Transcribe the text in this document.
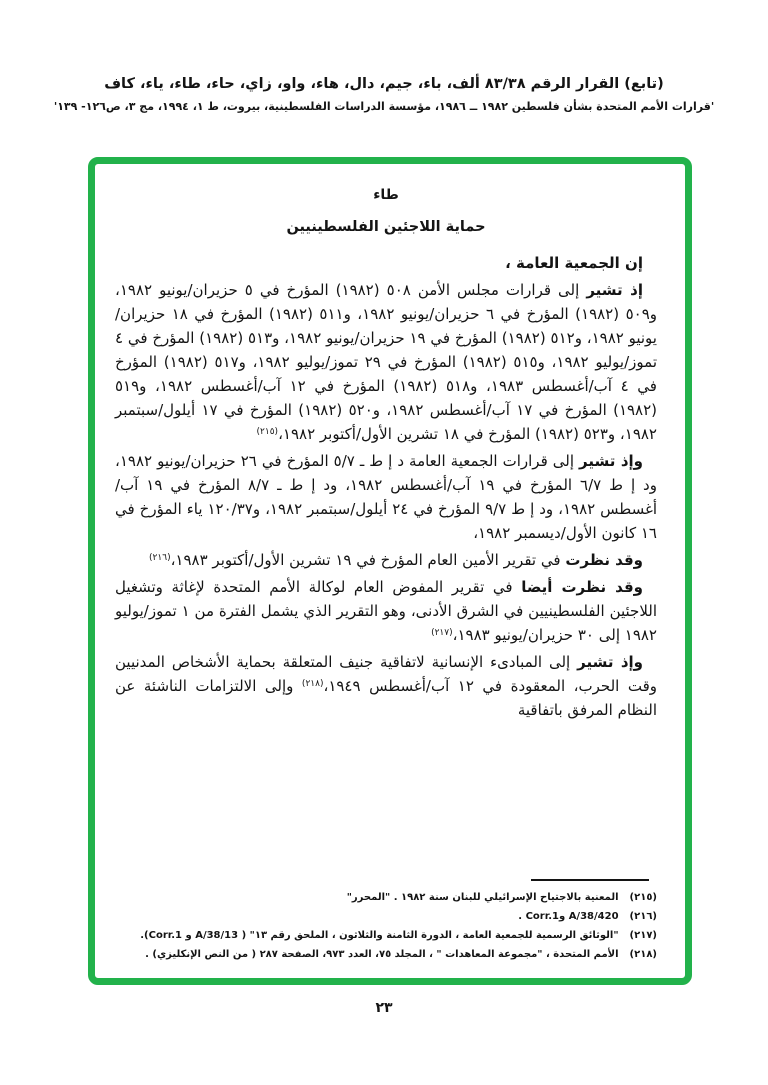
(تابع) القرار الرقم ٨٣/٣٨ ألف، باء، جيم، دال، هاء، واو، زاي، حاء، طاء، ياء، كاف
'قرارات الأمم المتحدة بشأن فلسطين ١٩٨٢ ــ ١٩٨٦، مؤسسة الدراسات الفلسطينية، بيروت، ط ١، ١٩٩٤، مج ٣، ص١٢٦- ١٣٩'
طاء
حماية اللاجئين الفلسطينيين

إن الجمعية العامة ،

إذ تشير إلى قرارات مجلس الأمن ٥٠٨ (١٩٨٢) المؤرخ في ٥ حزيران/يونيو ١٩٨٢، و٥٠٩ (١٩٨٢) المؤرخ في ٦ حزيران/يونيو ١٩٨٢، و٥١١ (١٩٨٢) المؤرخ في ١٨ حزيران/يونيو ١٩٨٢، و٥١٢ (١٩٨٢) المؤرخ في ١٩ حزيران/يونيو ١٩٨٢، و٥١٣ (١٩٨٢) المؤرخ في ٤ تموز/يوليو ١٩٨٢، و٥١٥ (١٩٨٢) المؤرخ في ٢٩ تموز/يوليو ١٩٨٢، و٥١٧ (١٩٨٢) المؤرخ في ٤ آب/أغسطس ١٩٨٣، و٥١٨ (١٩٨٢) المؤرخ في ١٢ آب/أغسطس ١٩٨٢، و٥١٩ (١٩٨٢) المؤرخ في ١٧ آب/أغسطس ١٩٨٢، و٥٢٠ (١٩٨٢) المؤرخ في ١٧ أيلول/سبتمبر ١٩٨٢، و٥٢٣ (١٩٨٢) المؤرخ في ١٨ تشرين الأول/أكتوبر ١٩٨٢،$^{(٢١٥)}$

وإذ تشير إلى قرارات الجمعية العامة د إ ط ـ ٥/٧ المؤرخ في ٢٦ حزيران/يونيو ١٩٨٢، ود إ ط ٦/٧ المؤرخ في ١٩ آب/أغسطس ١٩٨٢، ود إ ط ـ ٨/٧ المؤرخ في ١٩ آب/أغسطس ١٩٨٢، ود إ ط ٩/٧ المؤرخ في ٢٤ أيلول/سبتمبر ١٩٨٢، و١٢٠/٣٧ ياء المؤرخ في ١٦ كانون الأول/ديسمبر ١٩٨٢،

وقد نظرت في تقرير الأمين العام المؤرخ في ١٩ تشرين الأول/أكتوبر ١٩٨٣،$^{(٢١٦)}$

وقد نظرت أيضا في تقرير المفوض العام لوكالة الأمم المتحدة لإغاثة وتشغيل اللاجئين الفلسطينيين في الشرق الأدنى، وهو التقرير الذي يشمل الفترة من ١ تموز/يوليو ١٩٨٢ إلى ٣٠ حزيران/يونيو ١٩٨٣،$^{(٢١٧)}$

وإذ تشير إلى المبادىء الإنسانية لاتفاقية جنيف المتعلقة بحماية الأشخاص المدنيين وقت الحرب، المعقودة في ١٢ آب/أغسطس ١٩٤٩،$^{(٢١٨)}$ وإلى الالتزامات الناشئة عن النظام المرفق باتفاقية

(٢١٥)
المعنية بالاجتياح الإسرائيلي للبنان سنة ١٩٨٢ . "المحرر"
(٢١٦)
A/38/420 وCorr.1 .
(٢١٧)
"الوثائق الرسمية للجمعية العامة ، الدورة الثامنة والثلاثون ، الملحق رقم ١٣" ( A/38/13 و Corr.1).
(٢١٨)
الأمم المتحدة ، "مجموعة المعاهدات " ، المجلد ٧٥، العدد ٩٧٣، الصفحة ٢٨٧ ( من النص الإنكليزي) .
٢٣
